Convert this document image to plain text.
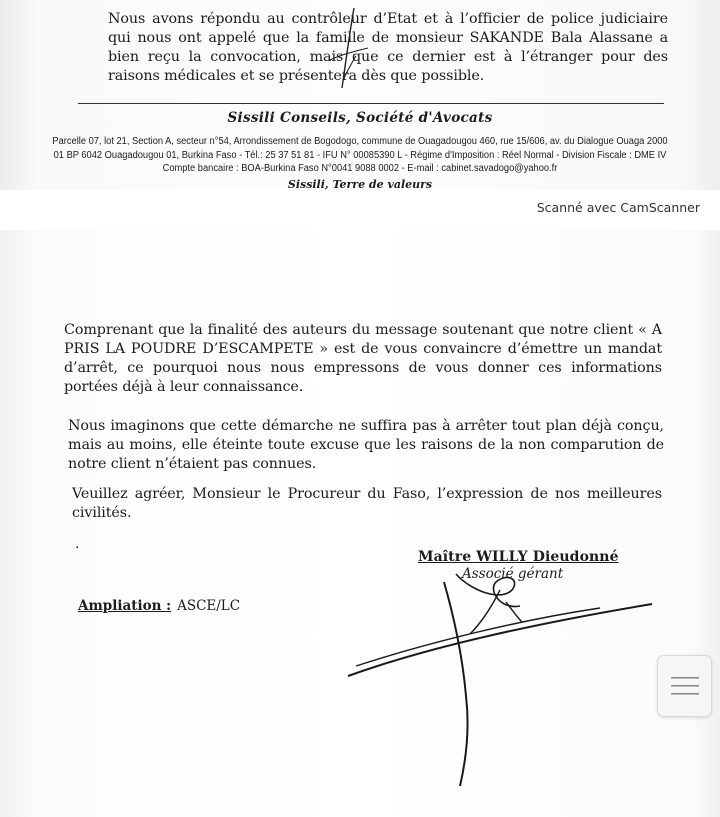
Nous avons répondu au contrôleur d’Etat et à l’officier de police judiciaire qui nous ont appelé que la famille de monsieur SAKANDE Bala Alassane a bien reçu la convocation, mais que ce dernier est à l’étranger pour des raisons médicales et se présentera dès que possible.

Sissili Conseils, Société d'Avocats
Parcelle 07, lot 21, Section A, secteur n°54, Arrondissement de Bogodogo, commune de Ouagadougou 460, rue 15/606, av. du Dialogue Ouaga 2000
01 BP 6042 Ouagadougou 01, Burkina Faso - Tél.: 25 37 51 81 - IFU N° 00085390 L - Régime d'Imposition : Réel Normal - Division Fiscale : DME IV
Compte bancaire : BOA-Burkina Faso N°0041 9088 0002 - E-mail : cabinet.savadogo@yahoo.fr
Sissili, Terre de valeurs
Scanné avec CamScanner

Comprenant que la finalité des auteurs du message soutenant que notre client « A PRIS LA POUDRE D’ESCAMPETE » est de vous convaincre d’émettre un mandat d’arrêt, ce pourquoi nous nous empressons de vous donner ces informations portées déjà à leur connaissance.

Nous imaginons que cette démarche ne suffira pas à arrêter tout plan déjà conçu, mais au moins, elle éteinte toute excuse que les raisons de la non comparution de notre client n’étaient pas connues.

Veuillez agréer, Monsieur le Procureur du Faso, l’expression de nos meilleures civilités.

.
Maître WILLY Dieudonné
Associé gérant
Ampliation : ASCE/LC
